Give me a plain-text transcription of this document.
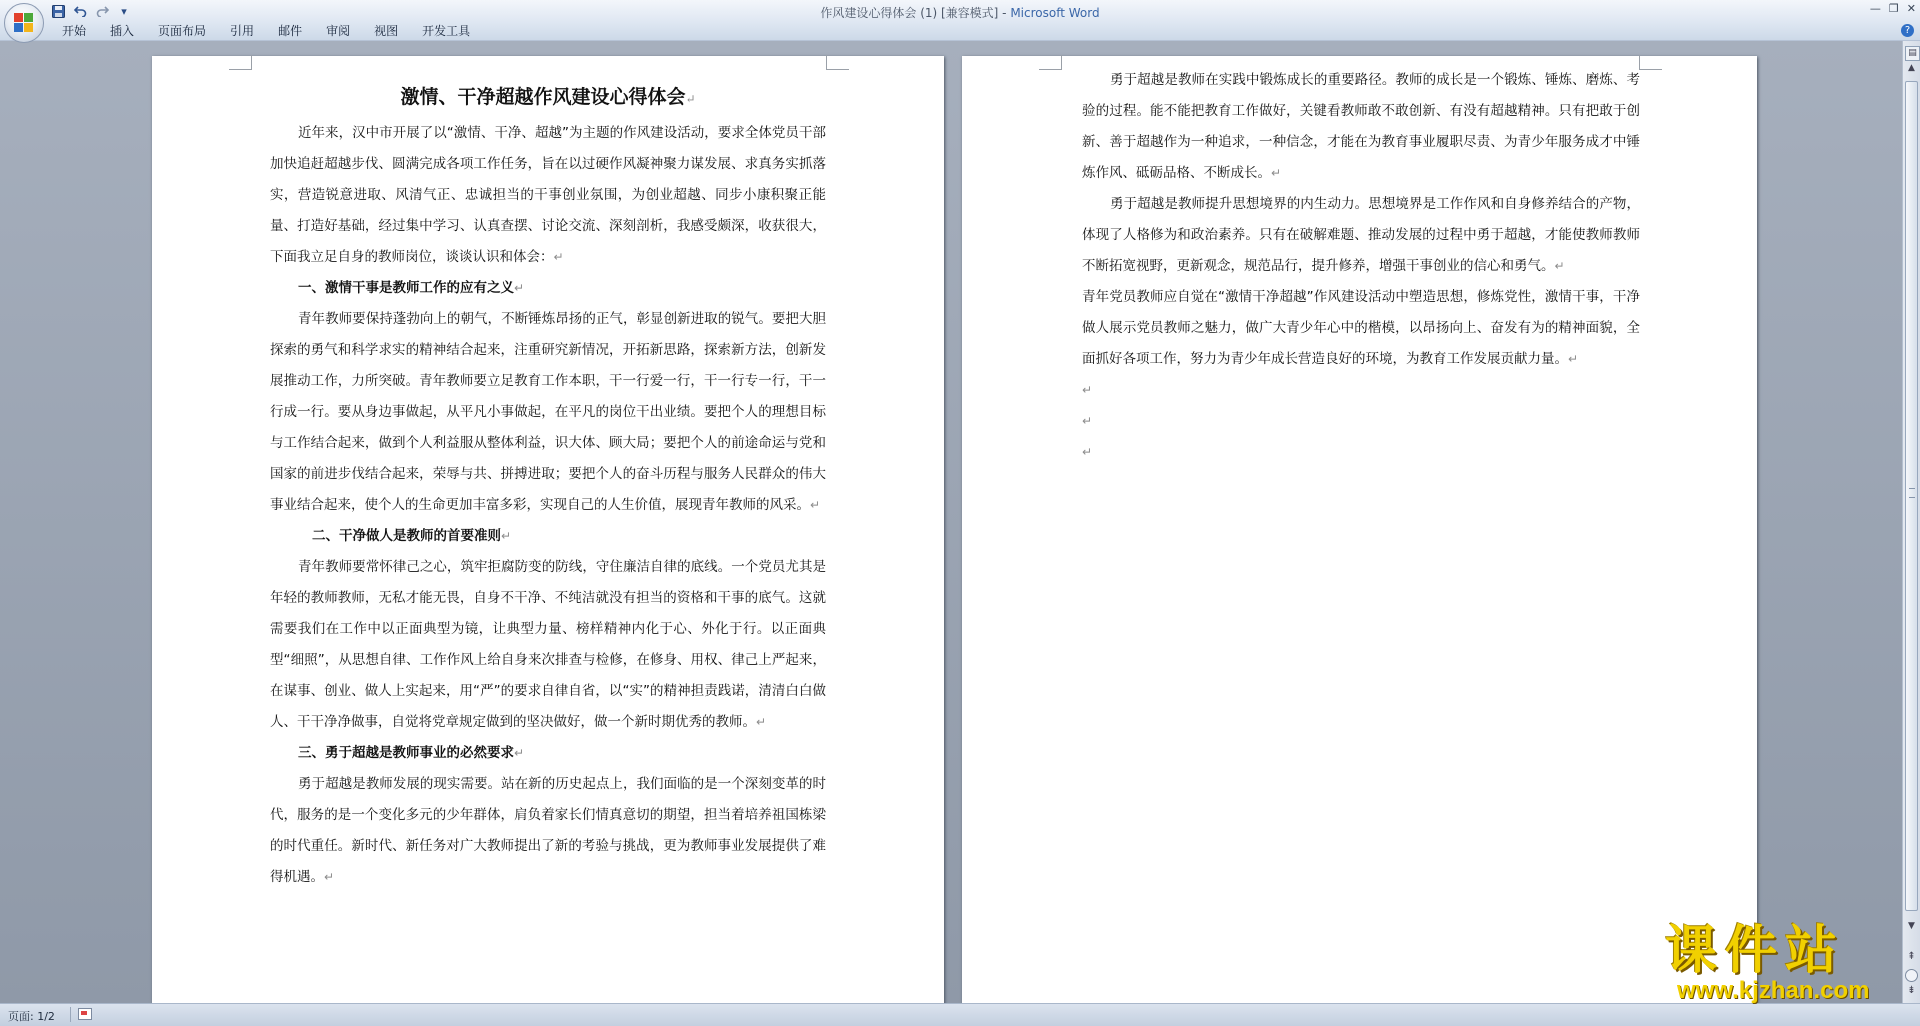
▾	作风建设心得体会 (1) [兼容模式] - Microsoft Word	— ❐ ✕
开始	插入	页面布局	引用	邮件	审阅	视图	开发工具	?
激情、干净超越作风建设心得体会↵

近年来，汉中市开展了以“激情、干净、超越”为主题的作风建设活动，要求全体党员干部加快追赶超越步伐、圆满完成各项工作任务，旨在以过硬作风凝神聚力谋发展、求真务实抓落实，营造锐意进取、风清气正、忠诚担当的干事创业氛围，为创业超越、同步小康积聚正能量、打造好基础，经过集中学习、认真查摆、讨论交流、深刻剖析，我感受颇深，收获很大，下面我立足自身的教师岗位，谈谈认识和体会：↵

一、激情干事是教师工作的应有之义↵

青年教师要保持蓬勃向上的朝气，不断锤炼昂扬的正气，彰显创新进取的锐气。要把大胆探索的勇气和科学求实的精神结合起来，注重研究新情况，开拓新思路，探索新方法，创新发展推动工作，力所突破。青年教师要立足教育工作本职，干一行爱一行，干一行专一行，干一行成一行。要从身边事做起，从平凡小事做起，在平凡的岗位干出业绩。要把个人的理想目标与工作结合起来，做到个人利益服从整体利益，识大体、顾大局；要把个人的前途命运与党和国家的前进步伐结合起来，荣辱与共、拼搏进取；要把个人的奋斗历程与服务人民群众的伟大事业结合起来，使个人的生命更加丰富多彩，实现自己的人生价值，展现青年教师的风采。↵

二、干净做人是教师的首要准则↵

青年教师要常怀律己之心，筑牢拒腐防变的防线，守住廉洁自律的底线。一个党员尤其是年轻的教师教师，无私才能无畏，自身不干净、不纯洁就没有担当的资格和干事的底气。这就需要我们在工作中以正面典型为镜，让典型力量、榜样精神内化于心、外化于行。以正面典型“细照”，从思想自律、工作作风上给自身来次排查与检修，在修身、用权、律己上严起来，在谋事、创业、做人上实起来，用“严”的要求自律自省，以“实”的精神担责践诺，清清白白做人、干干净净做事，自觉将党章规定做到的坚决做好，做一个新时期优秀的教师。↵

三、勇于超越是教师事业的必然要求↵

勇于超越是教师发展的现实需要。站在新的历史起点上，我们面临的是一个深刻变革的时代，服务的是一个变化多元的少年群体，肩负着家长们情真意切的期望，担当着培养祖国栋梁的时代重任。新时代、新任务对广大教师提出了新的考验与挑战，更为教师事业发展提供了难得机遇。↵

勇于超越是教师在实践中锻炼成长的重要路径。教师的成长是一个锻炼、锤炼、磨炼、考验的过程。能不能把教育工作做好，关键看教师敢不敢创新、有没有超越精神。只有把敢于创新、善于超越作为一种追求，一种信念，才能在为教育事业履职尽责、为青少年服务成才中锤炼作风、砥砺品格、不断成长。↵

勇于超越是教师提升思想境界的内生动力。思想境界是工作作风和自身修养结合的产物，体现了人格修为和政治素养。只有在破解难题、推动发展的过程中勇于超越，才能使教师教师不断拓宽视野，更新观念，规范品行，提升修养，增强干事创业的信心和勇气。↵

青年党员教师应自觉在“激情干净超越”作风建设活动中塑造思想，修炼党性，激情干事，干净做人展示党员教师之魅力，做广大青少年心中的楷模，以昂扬向上、奋发有为的精神面貌，全面抓好各项工作，努力为青少年成长营造良好的环境，为教育工作发展贡献力量。↵

↵
↵
↵
▤
▲
▼
⇞
⇟
页面: 1/2
课件站
www.kjzhan.com
